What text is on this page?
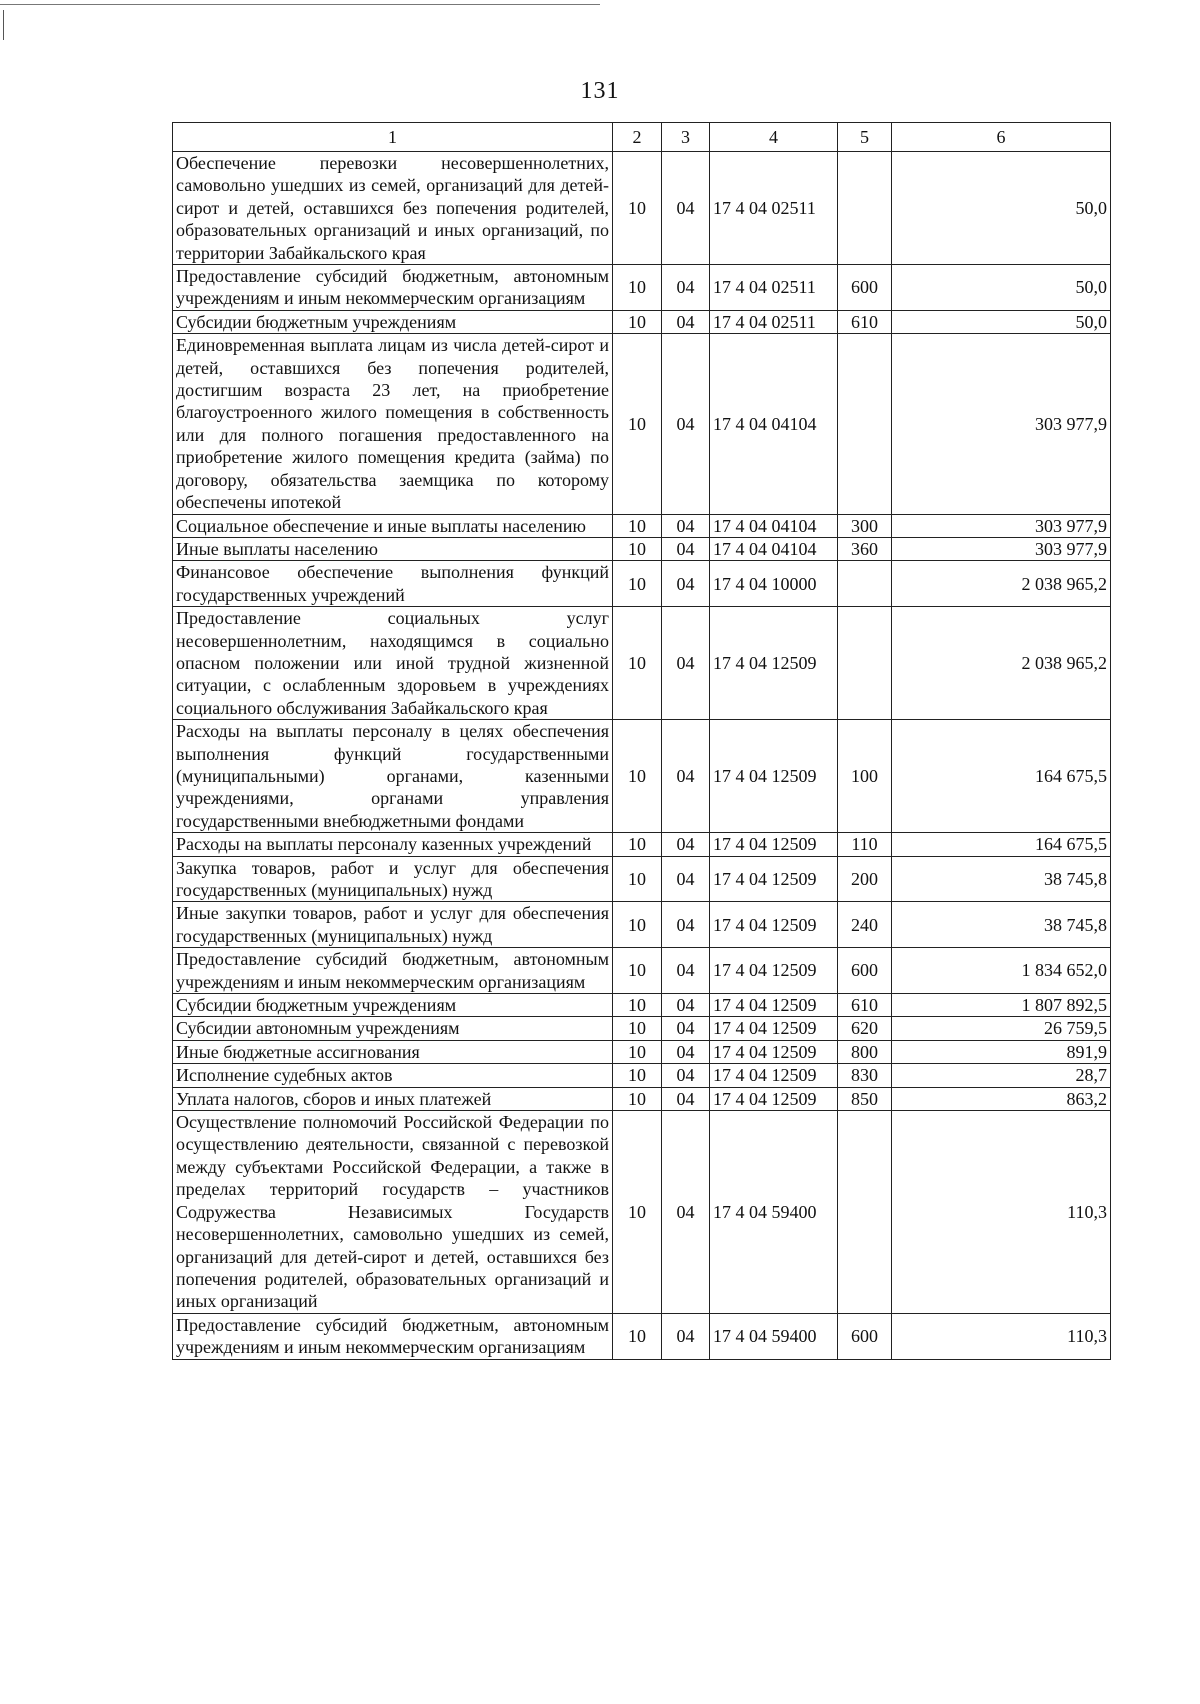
131
1	2	3	4	5	6
Обеспечение перевозки несовершеннолетних, самовольно ушедших из семей, организаций для детей-сирот и детей, оставшихся без попечения родителей, образовательных организаций и иных организаций, по территории Забайкальского края	10	04	17 4 04 02511		50,0
Предоставление субсидий бюджетным, автономным учреждениям и иным некоммерческим организациям	10	04	17 4 04 02511	600	50,0
Субсидии бюджетным учреждениям	10	04	17 4 04 02511	610	50,0
Единовременная выплата лицам из числа детей-сирот и детей, оставшихся без попечения родителей, достигшим возраста 23 лет, на приобретение благоустроенного жилого помещения в собственность или для полного погашения предоставленного на приобретение жилого помещения кредита (займа) по договору, обязательства заемщика по которому обеспечены ипотекой	10	04	17 4 04 04104		303 977,9
Социальное обеспечение и иные выплаты населению	10	04	17 4 04 04104	300	303 977,9
Иные выплаты населению	10	04	17 4 04 04104	360	303 977,9
Финансовое обеспечение выполнения функций государственных учреждений	10	04	17 4 04 10000		2 038 965,2
Предоставление социальных услуг несовершеннолетним, находящимся в социально опасном положении или иной трудной жизненной ситуации, с ослабленным здоровьем в учреждениях социального обслуживания Забайкальского края	10	04	17 4 04 12509		2 038 965,2
Расходы на выплаты персоналу в целях обеспечения выполнения функций государственными (муниципальными) органами, казенными учреждениями, органами управления государственными внебюджетными фондами	10	04	17 4 04 12509	100	164 675,5
Расходы на выплаты персоналу казенных учреждений	10	04	17 4 04 12509	110	164 675,5
Закупка товаров, работ и услуг для обеспечения государственных (муниципальных) нужд	10	04	17 4 04 12509	200	38 745,8
Иные закупки товаров, работ и услуг для обеспечения государственных (муниципальных) нужд	10	04	17 4 04 12509	240	38 745,8
Предоставление субсидий бюджетным, автономным учреждениям и иным некоммерческим организациям	10	04	17 4 04 12509	600	1 834 652,0
Субсидии бюджетным учреждениям	10	04	17 4 04 12509	610	1 807 892,5
Субсидии автономным учреждениям	10	04	17 4 04 12509	620	26 759,5
Иные бюджетные ассигнования	10	04	17 4 04 12509	800	891,9
Исполнение судебных актов	10	04	17 4 04 12509	830	28,7
Уплата налогов, сборов и иных платежей	10	04	17 4 04 12509	850	863,2
Осуществление полномочий Российской Федерации по осуществлению деятельности, связанной с перевозкой между субъектами Российской Федерации, а также в пределах территорий государств – участников Содружества Независимых Государств несовершеннолетних, самовольно ушедших из семей, организаций для детей-сирот и детей, оставшихся без попечения родителей, образовательных организаций и иных организаций	10	04	17 4 04 59400		110,3
Предоставление субсидий бюджетным, автономным учреждениям и иным некоммерческим организациям	10	04	17 4 04 59400	600	110,3
